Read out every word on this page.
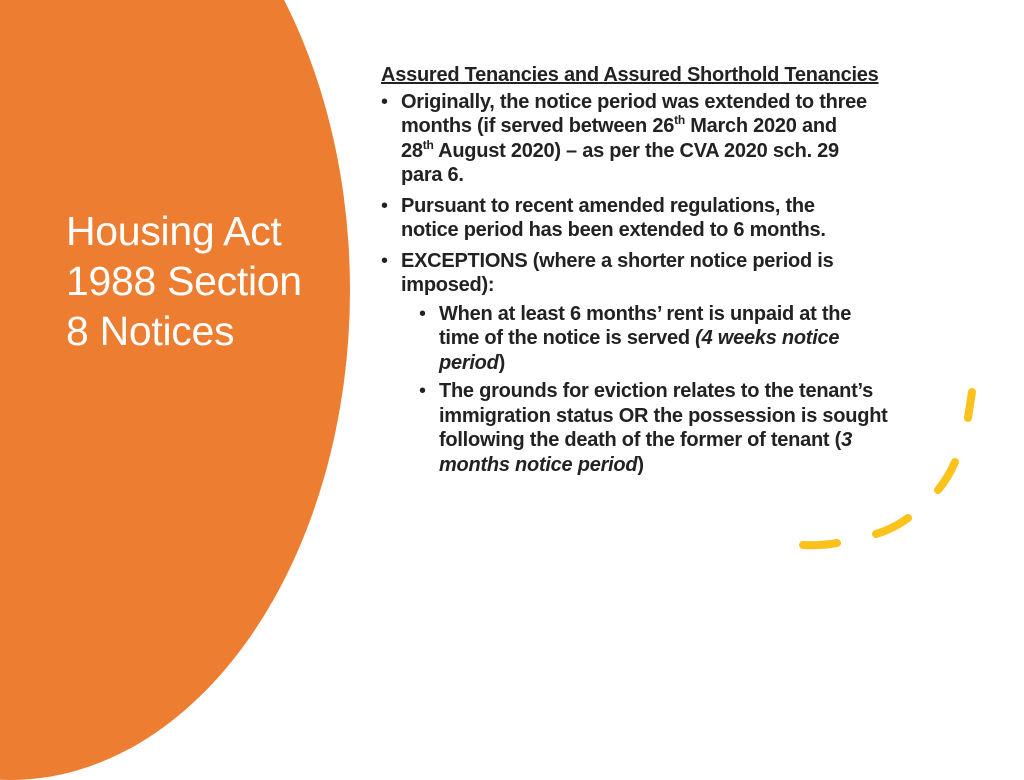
Housing Act
1988 Section
8 Notices
Assured Tenancies and Assured Shorthold Tenancies
• Originally, the notice period was extended to three
months (if served between 26th March 2020 and
28th August 2020) – as per the CVA 2020 sch. 29
para 6.
• Pursuant to recent amended regulations, the
notice period has been extended to 6 months.
• EXCEPTIONS (where a shorter notice period is
imposed):
• When at least 6 months’ rent is unpaid at the
time of the notice is served (4 weeks notice
period)
• The grounds for eviction relates to the tenant’s
immigration status OR the possession is sought
following the death of the former of tenant (3
months notice period)
